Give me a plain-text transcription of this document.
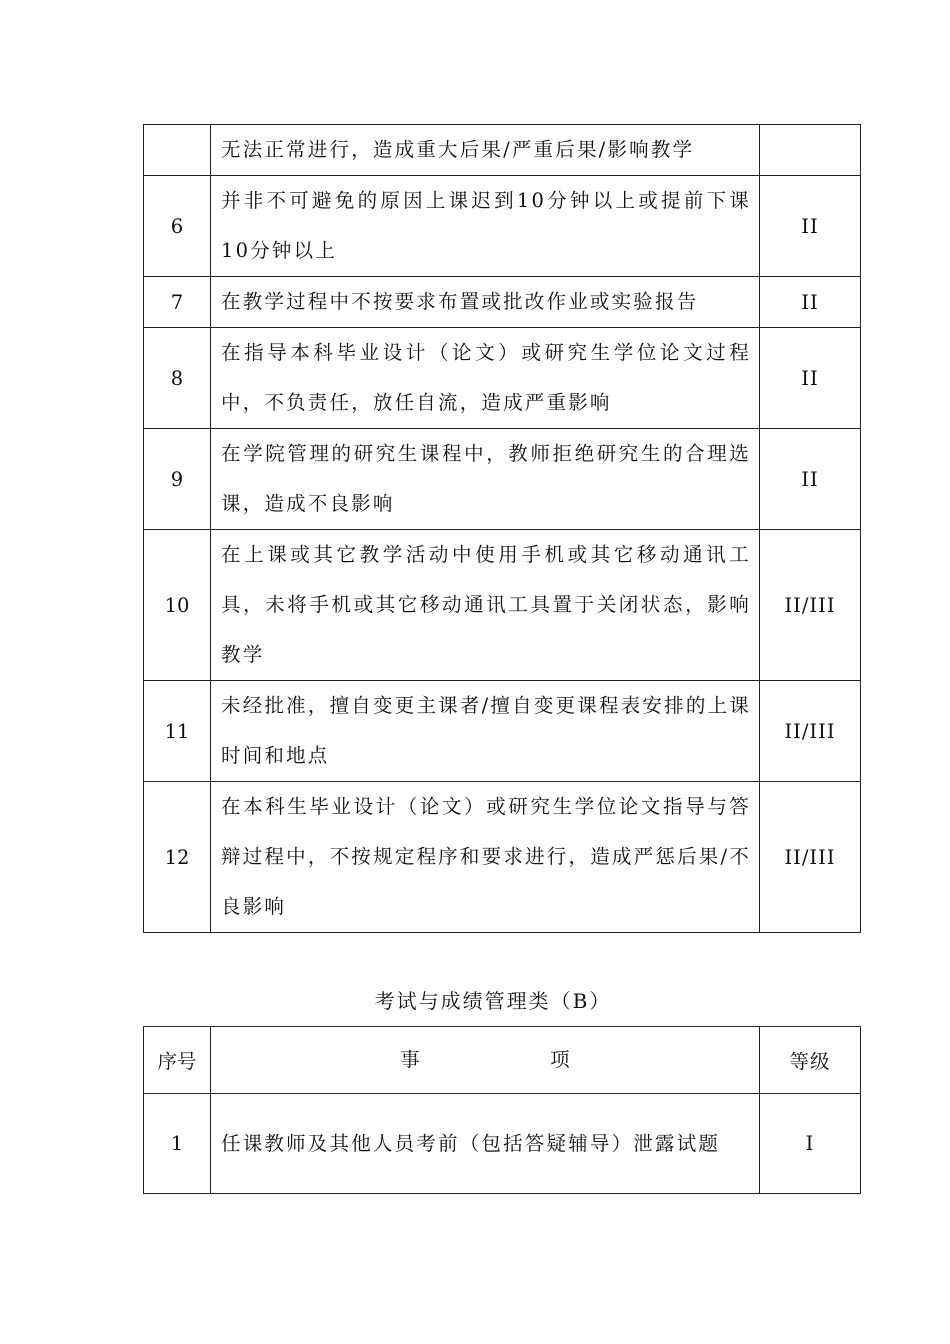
	无法正常进行，造成重大后果/严重后果/影响教学	
6	并非不可避免的原因上课迟到10分钟以上或提前下课10分钟以上	II
7	在教学过程中不按要求布置或批改作业或实验报告	II
8	在指导本科毕业设计（论文）或研究生学位论文过程中，不负责任，放任自流，造成严重影响	II
9	在学院管理的研究生课程中，教师拒绝研究生的合理选课，造成不良影响	II
10	在上课或其它教学活动中使用手机或其它移动通讯工具，未将手机或其它移动通讯工具置于关闭状态，影响教学	II/III
11	未经批准，擅自变更主课者/擅自变更课程表安排的上课时间和地点	II/III
12	在本科生毕业设计（论文）或研究生学位论文指导与答辩过程中，不按规定程序和要求进行，造成严惩后果/不良影响	II/III
考试与成绩管理类（B）
序号	事 项	等级
1	任课教师及其他人员考前（包括答疑辅导）泄露试题	I
